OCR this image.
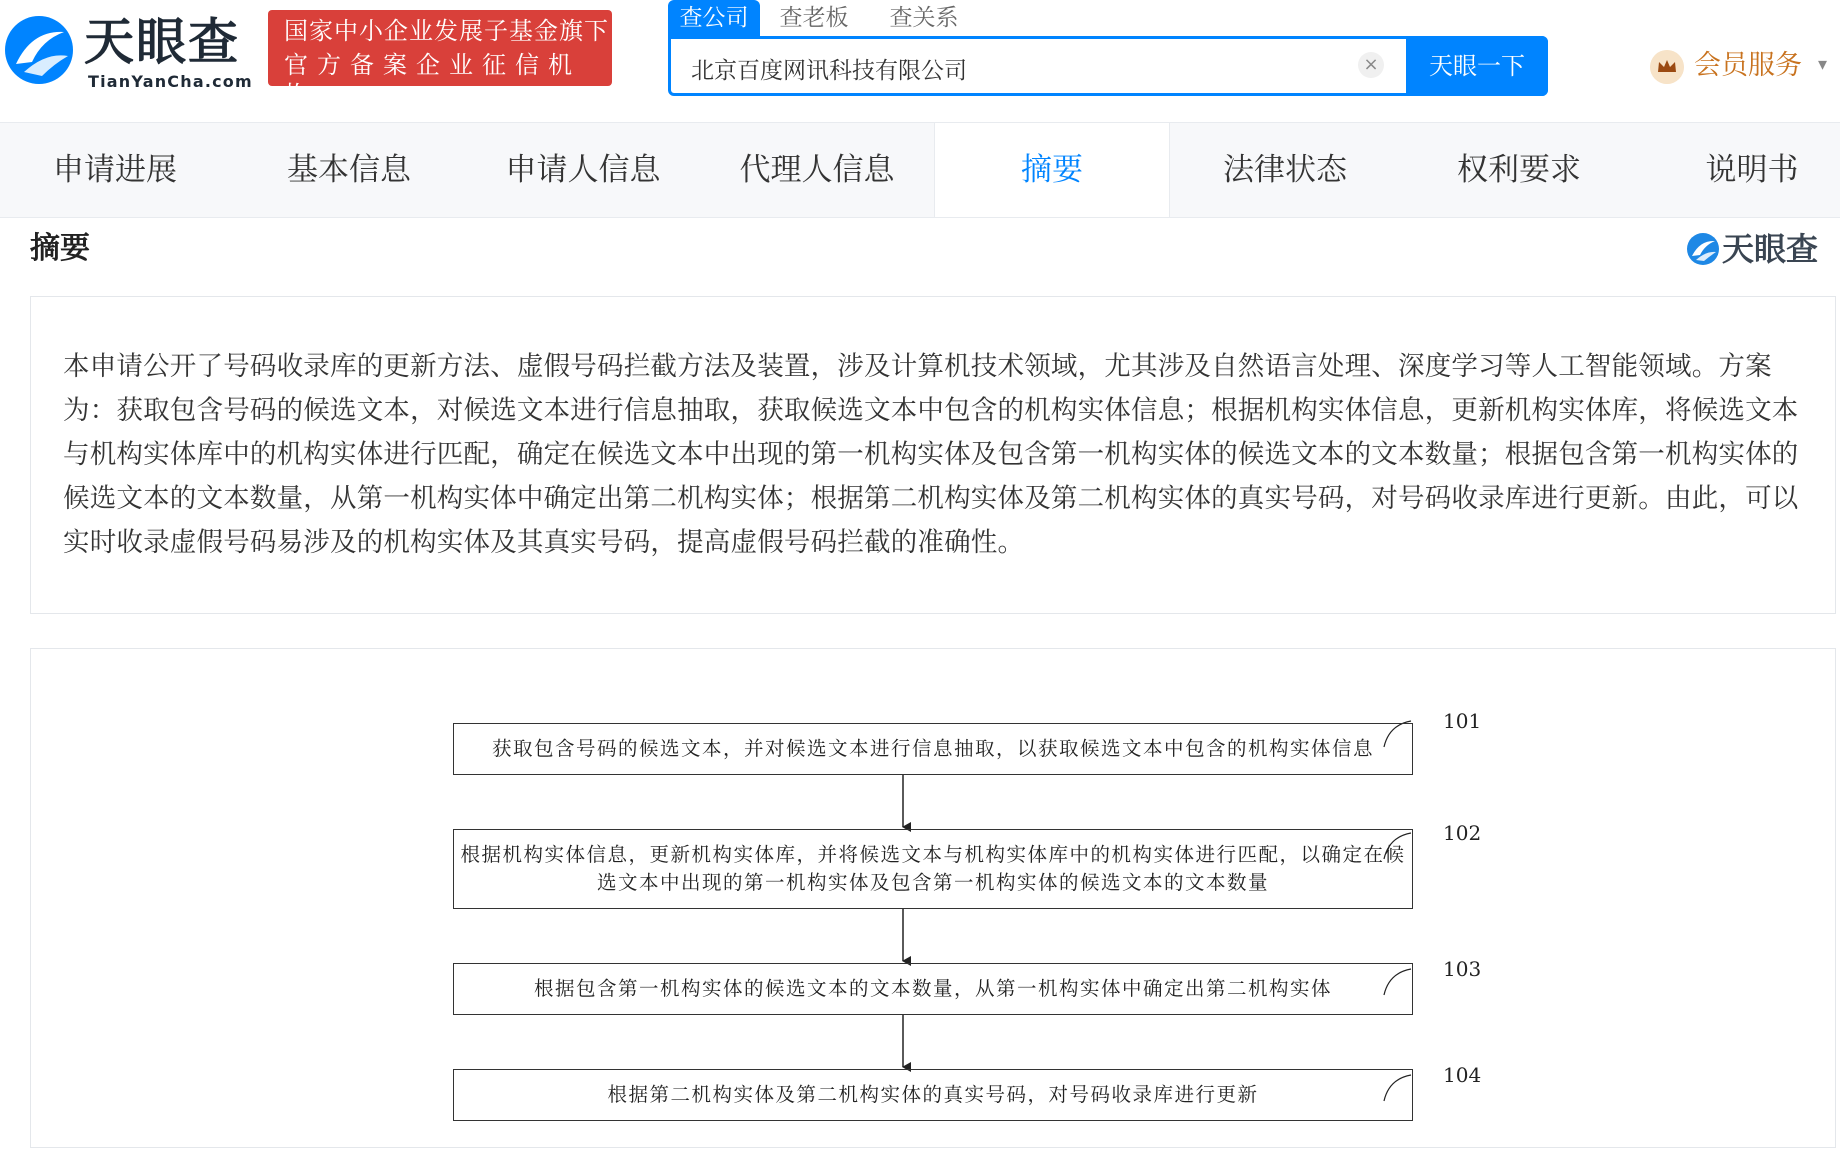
天眼查
TianYanCha.com
国家中小企业发展子基金旗下
官方备案企业征信机构
查公司	查老板	查关系
北京百度网讯科技有限公司
×	天眼一下	会员服务 ▾
申请进展	基本信息	申请人信息	代理人信息	摘要	法律状态	权利要求	说明书
摘要	天眼查
本申请公开了号码收录库的更新方法、虚假号码拦截方法及装置，涉及计算机技术领域，尤其涉及自然语言处理、深度学习等人工智能领域。方案为：获取包含号码的候选文本，对候选文本进行信息抽取，获取候选文本中包含的机构实体信息；根据机构实体信息，更新机构实体库，将候选文本与机构实体库中的机构实体进行匹配，确定在候选文本中出现的第一机构实体及包含第一机构实体的候选文本的文本数量；根据包含第一机构实体的候选文本的文本数量，从第一机构实体中确定出第二机构实体；根据第二机构实体及第二机构实体的真实号码，对号码收录库进行更新。由此，可以实时收录虚假号码易涉及的机构实体及其真实号码，提高虚假号码拦截的准确性。
获取包含号码的候选文本，并对候选文本进行信息抽取，以获取候选文本中包含的机构实体信息
101
根据机构实体信息，更新机构实体库，并将候选文本与机构实体库中的机构实体进行匹配，以确定在候选文本中出现的第一机构实体及包含第一机构实体的候选文本的文本数量
102
根据包含第一机构实体的候选文本的文本数量，从第一机构实体中确定出第二机构实体
103
根据第二机构实体及第二机构实体的真实号码，对号码收录库进行更新
104
